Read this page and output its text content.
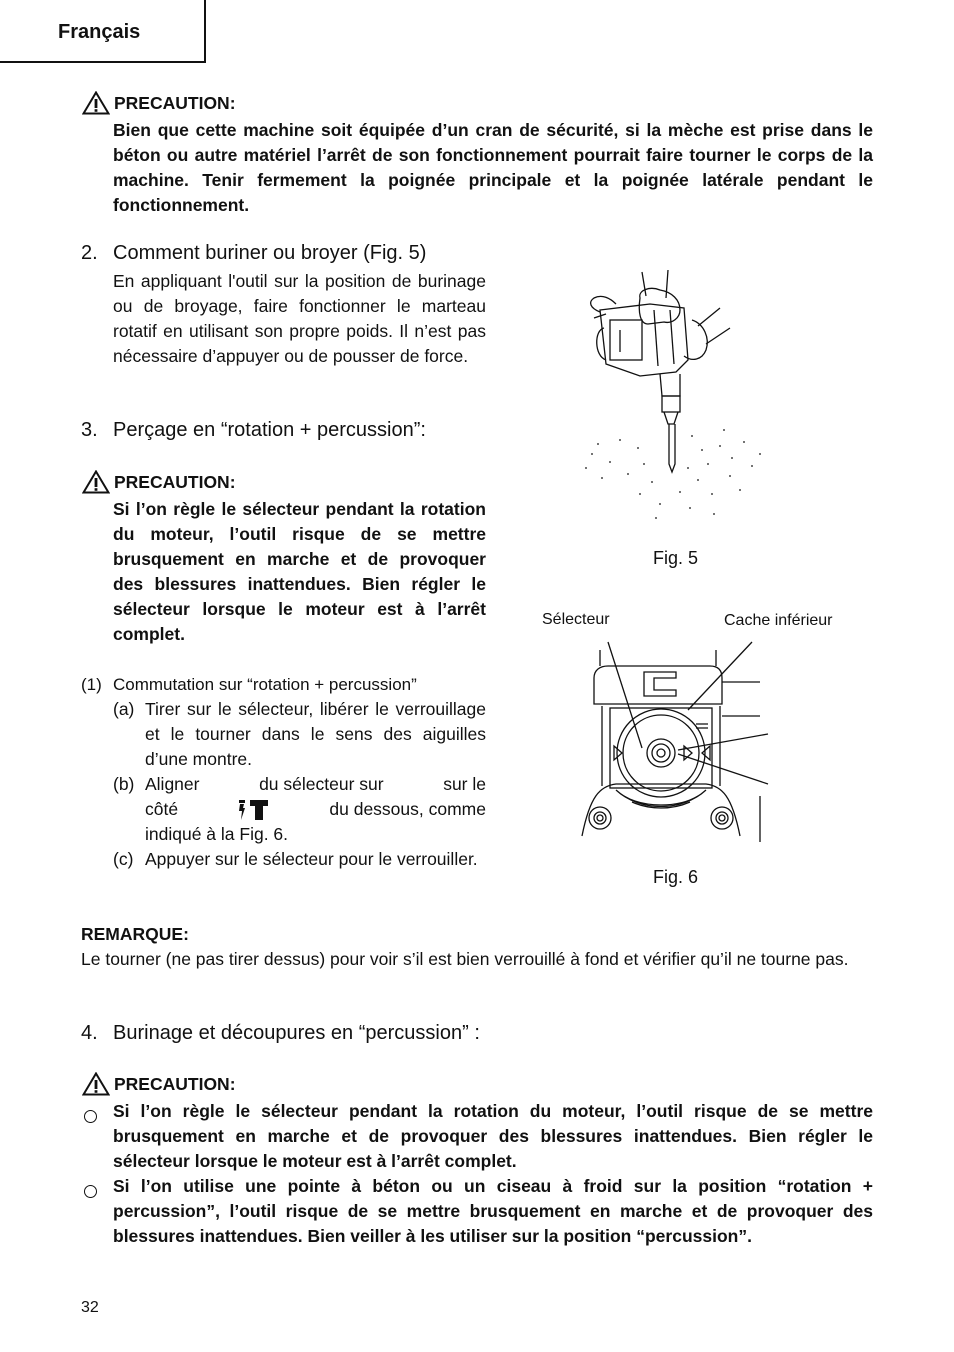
Français
PRECAUTION:

Bien que cette machine soit équipée d’un cran de sécurité, si la mèche est prise dans le béton ou autre matériel l’arrêt de son fonctionnement pourrait faire tourner le corps de la machine. Tenir fermement la poignée principale et la poignée latérale pendant le fonctionnement.

2. Comment buriner ou broyer (Fig. 5)

En appliquant l'outil sur la position de burinage ou de broyage, faire fonctionner le marteau rotatif en utilisant son propre poids. Il n’est pas nécessaire d’appuyer ou de pousser de force.

3. Perçage en “rotation + percussion”:
PRECAUTION:

Si l’on règle le sélecteur pendant la rotation du moteur, l’outil risque de se mettre brusquement en marche et de provoquer des blessures inattendues. Bien régler le sélecteur lorsque le moteur est à l’arrêt complet.

(1) Commutation sur “rotation + percussion”
(a) Tirer sur le sélecteur, libérer le verrouillage et le tourner dans le sens des aiguilles d’une montre.
(b) Aligner	du sélecteur sur	sur le
côté	du dessous, comme
indiqué à la Fig. 6.
(c) Appuyer sur le sélecteur pour le verrouiller.
REMARQUE:

Le tourner (ne pas tirer dessus) pour voir s’il est bien verrouillé à fond et vérifier qu’il ne tourne pas.

4. Burinage et découpures en “percussion” :
PRECAUTION:
Si l’on règle le sélecteur pendant la rotation du moteur, l’outil risque de se mettre brusquement en marche et de provoquer des blessures inattendues. Bien régler le sélecteur lorsque le moteur est à l’arrêt complet.
Si l’on utilise une pointe à béton ou un ciseau à froid sur la position “rotation + percussion”, l’outil risque de se mettre brusquement en marche et de provoquer des blessures inattendues. Bien veiller à les utiliser sur la position “percussion”.
Fig. 5
Sélecteur	Cache inférieur
Fig. 6
32
